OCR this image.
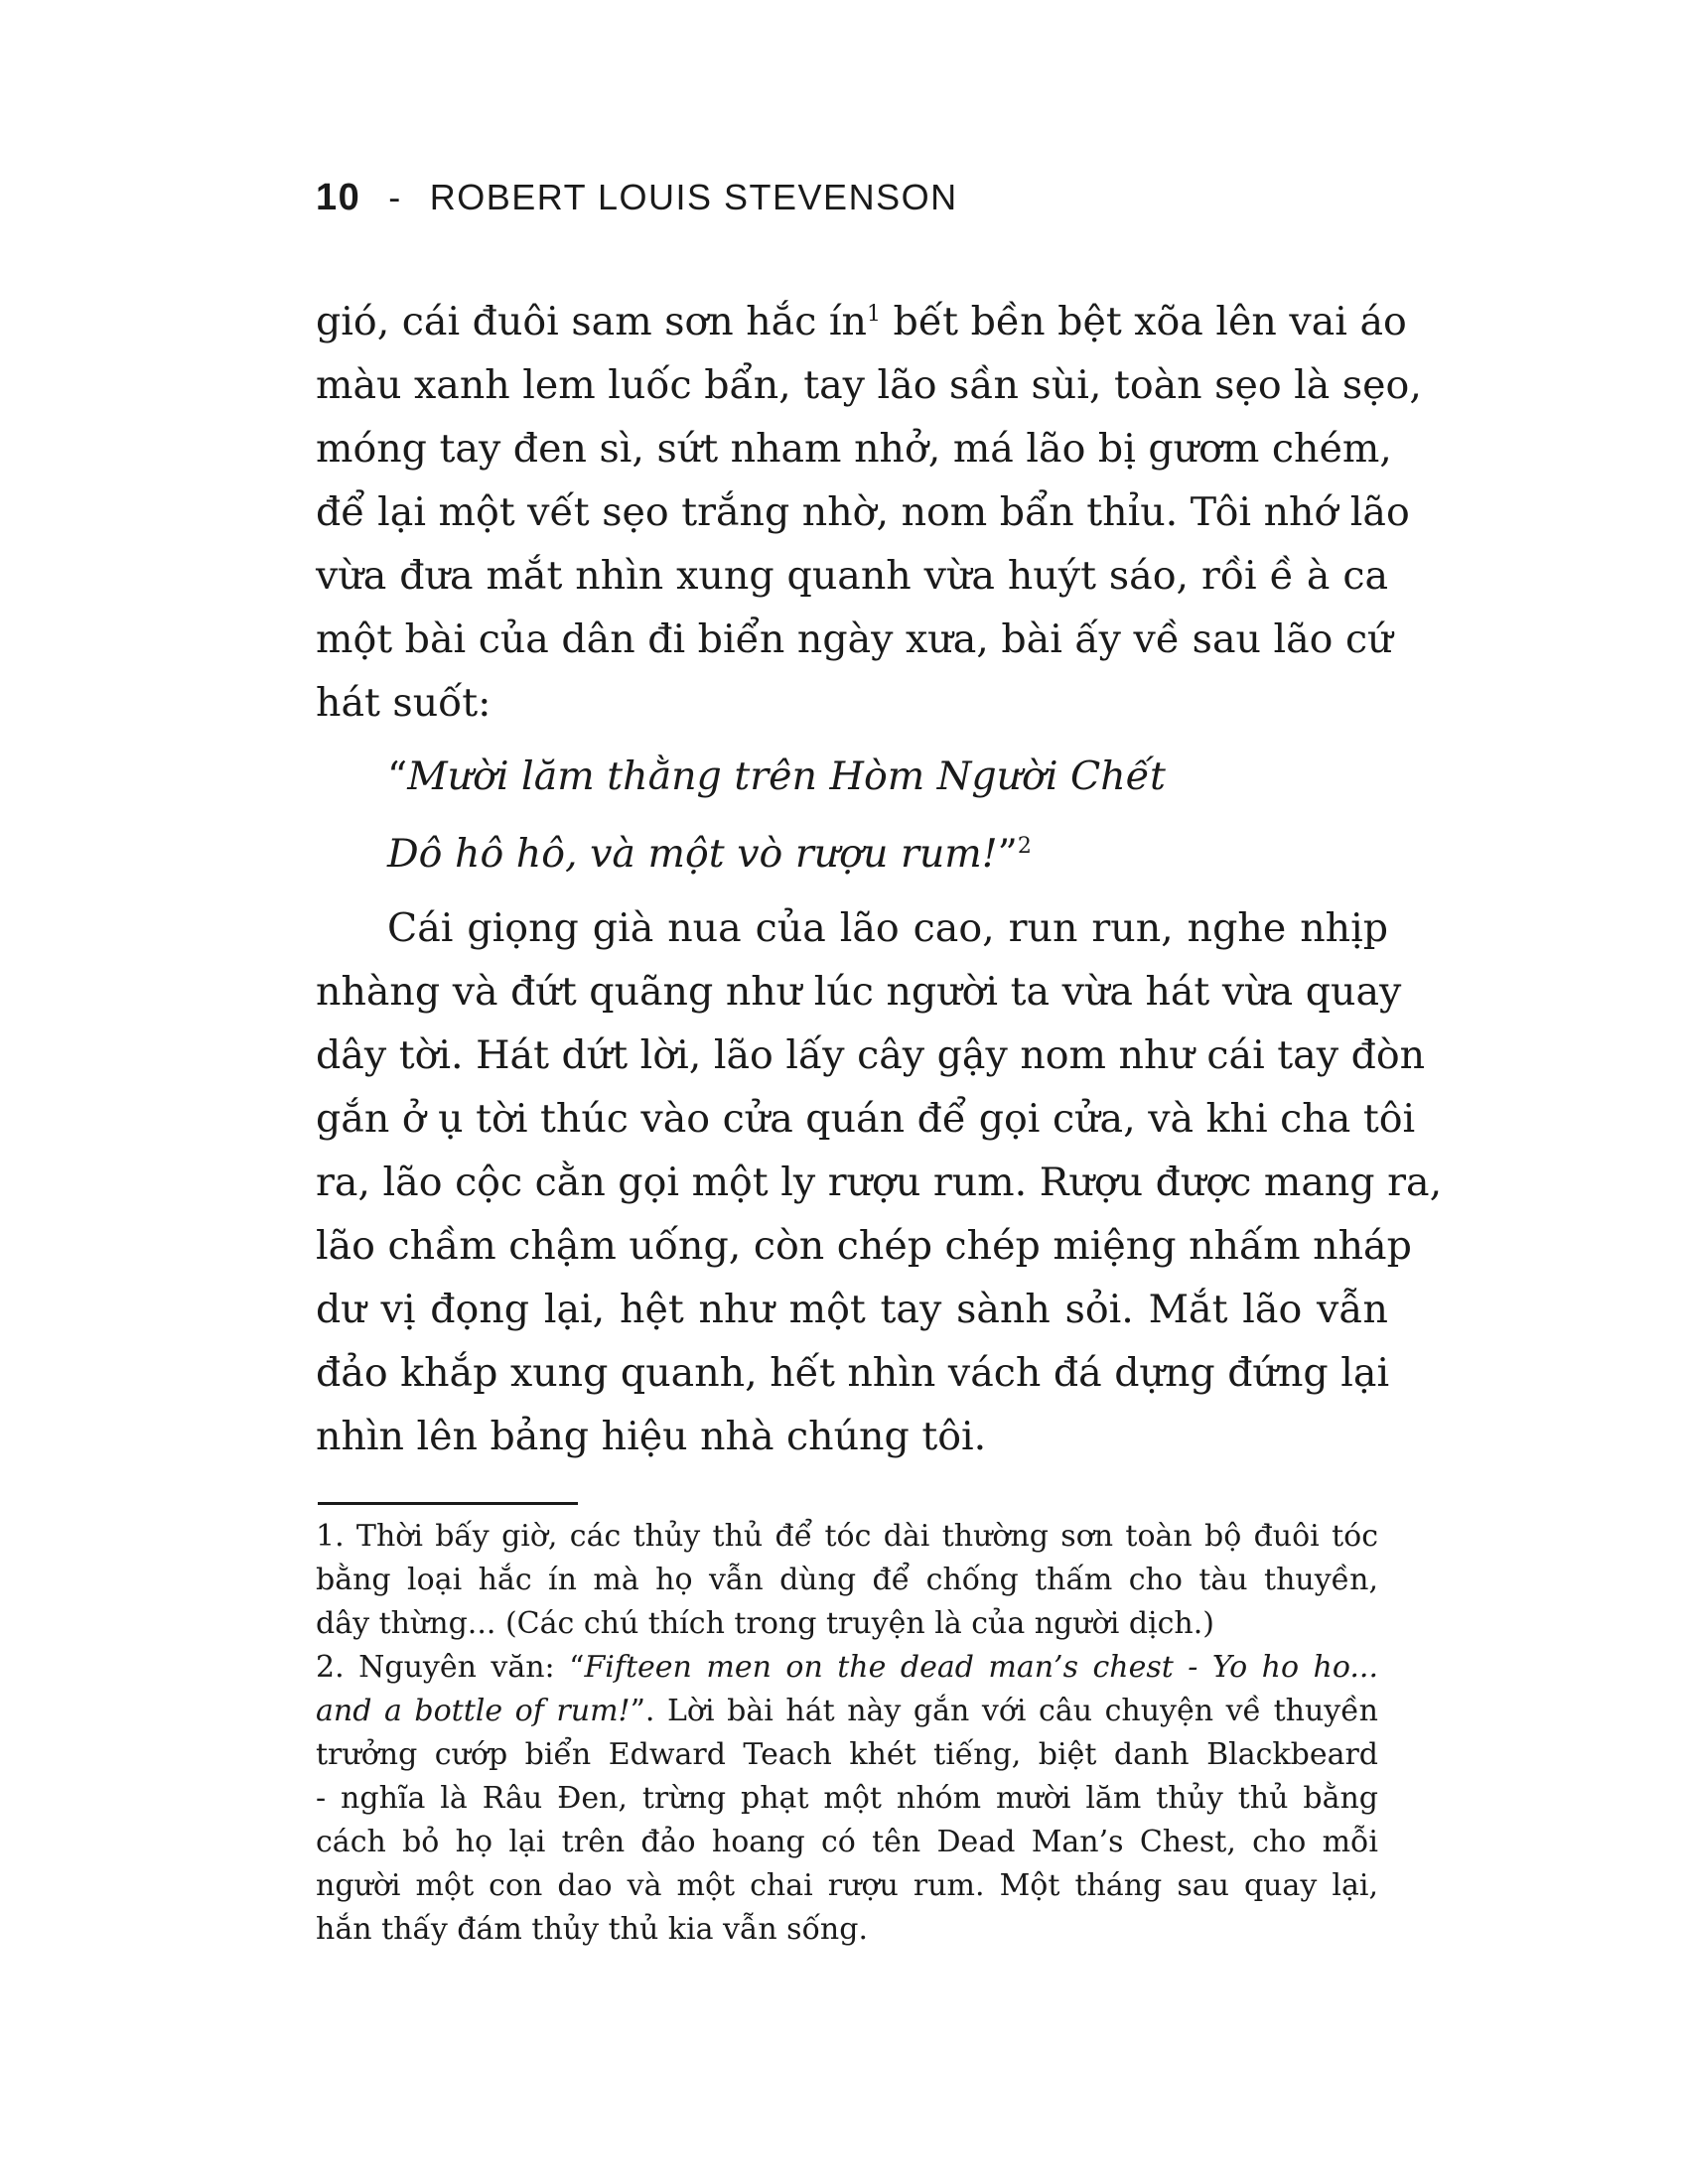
10 - ROBERT LOUIS STEVENSON
gió, cái đuôi sam sơn hắc $ín^1$ bết bền bệt xõa lên vai áo
màu xanh lem luốc bẩn, tay lão sần sùi, toàn sẹo là sẹo,
móng tay đen sì, sứt nham nhở, má lão bị gươm chém,
để lại một vết sẹo trắng nhờ, nom bẩn thỉu. Tôi nhớ lão
vừa đưa mắt nhìn xung quanh vừa huýt sáo, rồi ề à ca
một bài của dân đi biển ngày xưa, bài ấy về sau lão cứ
hát suốt:
“Mười lăm thằng trên Hòm Người Chết
Dô hô hô, và một vò rượu rum!”$^2$
Cái giọng già nua của lão cao, run run, nghe nhịp
nhàng và đứt quãng như lúc người ta vừa hát vừa quay
dây tời. Hát dứt lời, lão lấy cây gậy nom như cái tay đòn
gắn ở ụ tời thúc vào cửa quán để gọi cửa, và khi cha tôi
ra, lão cộc cằn gọi một ly rượu rum. Rượu được mang ra,
lão chầm chậm uống, còn chép chép miệng nhấm nháp
dư vị đọng lại, hệt như một tay sành sỏi. Mắt lão vẫn
đảo khắp xung quanh, hết nhìn vách đá dựng đứng lại
nhìn lên bảng hiệu nhà chúng tôi.
1. Thời bấy giờ, các thủy thủ để tóc dài thường sơn toàn bộ đuôi tóc
bằng loại hắc ín mà họ vẫn dùng để chống thấm cho tàu thuyền,
dây thừng... (Các chú thích trong truyện là của người dịch.)
2. Nguyên văn: “Fifteen men on the dead man’s chest - Yo ho ho...
and a bottle of rum!”. Lời bài hát này gắn với câu chuyện về thuyền
trưởng cướp biển Edward Teach khét tiếng, biệt danh Blackbeard
- nghĩa là Râu Đen, trừng phạt một nhóm mười lăm thủy thủ bằng
cách bỏ họ lại trên đảo hoang có tên Dead Man’s Chest, cho mỗi
người một con dao và một chai rượu rum. Một tháng sau quay lại,
hắn thấy đám thủy thủ kia vẫn sống.
